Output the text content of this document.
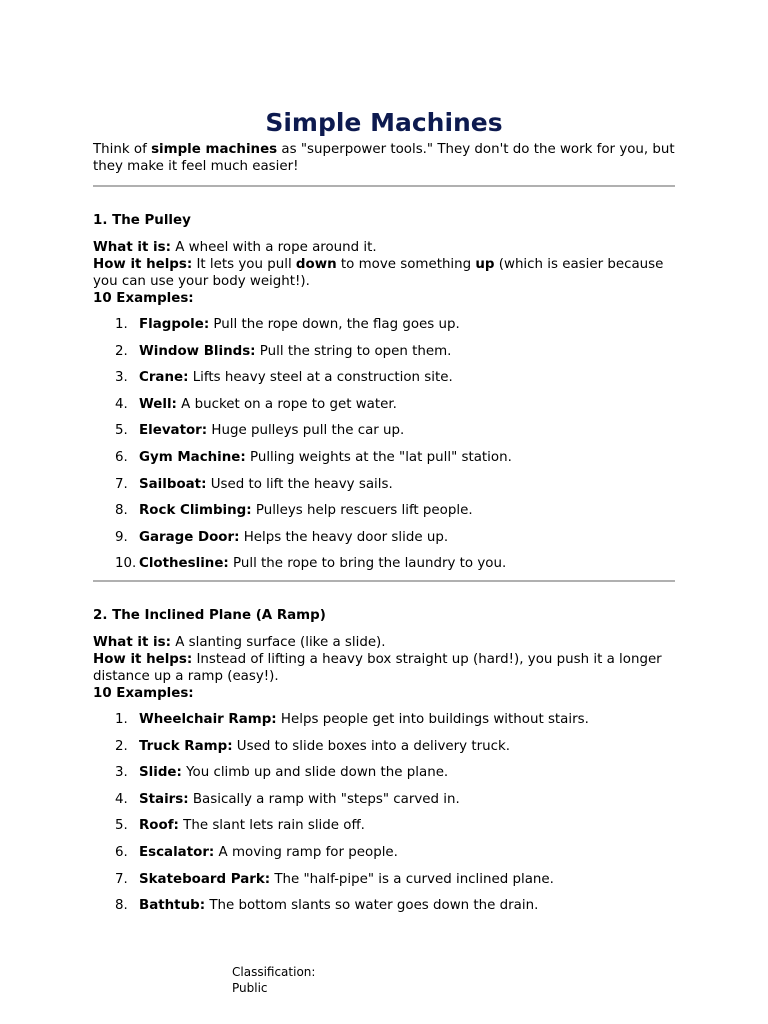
Simple Machines

Think of simple machines as "superpower tools." They don't do the work for you, but they make it feel much easier!

1. The Pulley

What it is: A wheel with a rope around it.
How it helps: It lets you pull down to move something up (which is easier because you can use your body weight!).
10 Examples:

1. Flagpole: Pull the rope down, the flag goes up.
2. Window Blinds: Pull the string to open them.
3. Crane: Lifts heavy steel at a construction site.
4. Well: A bucket on a rope to get water.
5. Elevator: Huge pulleys pull the car up.
6. Gym Machine: Pulling weights at the "lat pull" station.
7. Sailboat: Used to lift the heavy sails.
8. Rock Climbing: Pulleys help rescuers lift people.
9. Garage Door: Helps the heavy door slide up.
10. Clothesline: Pull the rope to bring the laundry to you.

2. The Inclined Plane (A Ramp)

What it is: A slanting surface (like a slide).
How it helps: Instead of lifting a heavy box straight up (hard!), you push it a longer distance up a ramp (easy!).
10 Examples:

1. Wheelchair Ramp: Helps people get into buildings without stairs.
2. Truck Ramp: Used to slide boxes into a delivery truck.
3. Slide: You climb up and slide down the plane.
4. Stairs: Basically a ramp with "steps" carved in.
5. Roof: The slant lets rain slide off.
6. Escalator: A moving ramp for people.
7. Skateboard Park: The "half-pipe" is a curved inclined plane.
8. Bathtub: The bottom slants so water goes down the drain.
Classification:
Public
